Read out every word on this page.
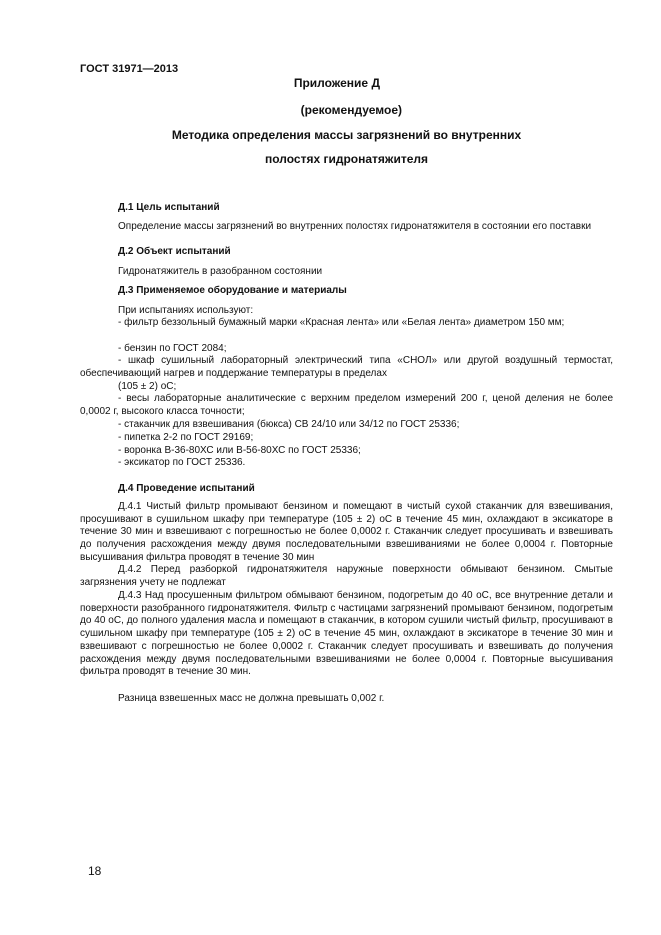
ГОСТ 31971—2013
Приложение Д
(рекомендуемое)
Методика определения массы загрязнений во внутренних
полостях гидронатяжителя
Д.1 Цель испытаний
Определение массы загрязнений во внутренних полостях гидронатяжителя в состоянии его поставки
Д.2 Объект испытаний
Гидронатяжитель в разобранном состоянии
Д.3 Применяемое оборудование и материалы
При испытаниях используют:
- фильтр беззольный бумажный марки «Красная лента» или «Белая лента» диаметром 150 мм;
- бензин по ГОСТ 2084;
- шкаф сушильный лабораторный электрический типа «СНОЛ» или другой воздушный термостат, обеспечивающий нагрев и поддержание температуры в пределах
(105 ± 2) oC;
- весы лабораторные аналитические с верхним пределом измерений 200 г, ценой деления не более 0,0002 г, высокого класса точности;
- стаканчик для взвешивания (бюкса) СВ 24/10 или 34/12 по ГОСТ 25336;
- пипетка 2-2 по ГОСТ 29169;
- воронка В-36-80ХС или В-56-80ХС по ГОСТ 25336;
- эксикатор по ГОСТ 25336.
Д.4 Проведение испытаний
Д.4.1 Чистый фильтр промывают бензином и помещают в чистый сухой стаканчик для взвешивания, просушивают в сушильном шкафу при температуре (105 ± 2) oC в течение 45 мин, охлаждают в эксикаторе в течение 30 мин и взвешивают с погрешностью не более 0,0002 г. Стаканчик следует просушивать и взвешивать до получения расхождения между двумя последовательными взвешиваниями не более 0,0004 г. Повторные высушивания фильтра проводят в течение 30 мин
Д.4.2 Перед разборкой гидронатяжителя наружные поверхности обмывают бензином. Смытые загрязнения учету не подлежат
Д.4.3 Над просушенным фильтром обмывают бензином, подогретым до 40 oC, все внутренние детали и поверхности разобранного гидронатяжителя. Фильтр с частицами загрязнений промывают бензином, подогретым до 40 oC, до полного удаления масла и помещают в стаканчик, в котором сушили чистый фильтр, просушивают в сушильном шкафу при температуре (105 ± 2) oC в течение 45 мин, охлаждают в эксикаторе в течение 30 мин и взвешивают с погрешностью не более 0,0002 г. Стаканчик следует просушивать и взвешивать до получения расхождения между двумя последовательными взвешиваниями не более 0,0004 г. Повторные высушивания фильтра проводят в течение 30 мин.
Разница взвешенных масс не должна превышать 0,002 г.
18
